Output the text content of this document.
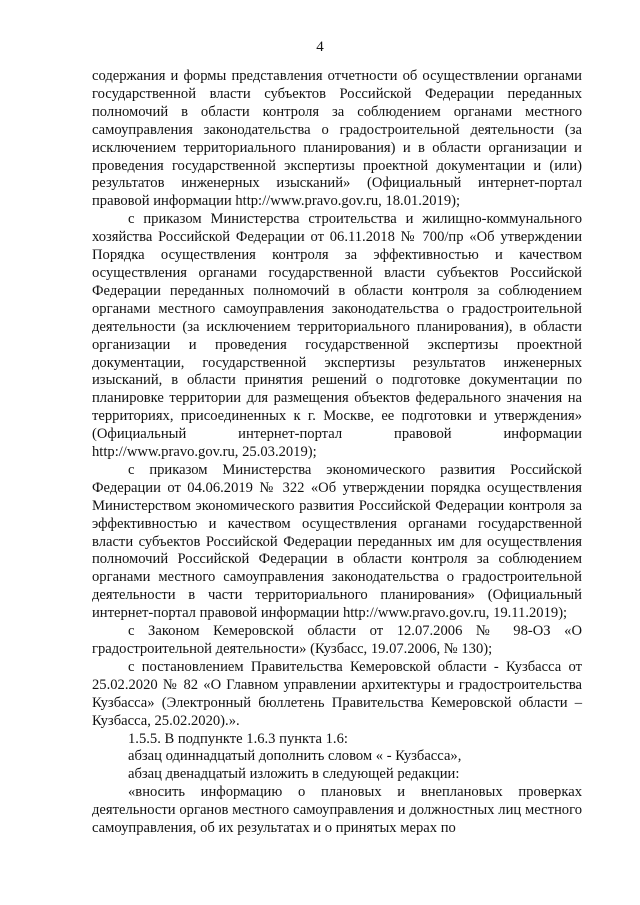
4

содержания и формы представления отчетности об осуществлении органами государственной власти субъектов Российской Федерации переданных полномочий в области контроля за соблюдением органами местного самоуправления законодательства о градостроительной деятельности (за исключением территориального планирования) и в области организации и проведения государственной экспертизы проектной документации и (или) результатов инженерных изысканий» (Официальный интернет-портал правовой информации http://www.pravo.gov.ru, 18.01.2019);

с приказом Министерства строительства и жилищно-коммунального хозяйства Российской Федерации от 06.11.2018 № 700/пр «Об утверждении Порядка осуществления контроля за эффективностью и качеством осуществления органами государственной власти субъектов Российской Федерации переданных полномочий в области контроля за соблюдением органами местного самоуправления законодательства о градостроительной деятельности (за исключением территориального планирования), в области организации и проведения государственной экспертизы проектной документации, государственной экспертизы результатов инженерных изысканий, в области принятия решений о подготовке документации по планировке территории для размещения объектов федерального значения на территориях, присоединенных к г. Москве, ее подготовки и утверждения» (Официальный интернет-портал правовой информации http://www.pravo.gov.ru, 25.03.2019);

с приказом Министерства экономического развития Российской Федерации от 04.06.2019 № 322 «Об утверждении порядка осуществления Министерством экономического развития Российской Федерации контроля за эффективностью и качеством осуществления органами государственной власти субъектов Российской Федерации переданных им для осуществления полномочий Российской Федерации в области контроля за соблюдением органами местного самоуправления законодательства о градостроительной деятельности в части территориального планирования» (Официальный интернет-портал правовой информации http://www.pravo.gov.ru, 19.11.2019);

с Законом Кемеровской области от 12.07.2006 № 98-ОЗ «О градостроительной деятельности» (Кузбасс, 19.07.2006, № 130);

с постановлением Правительства Кемеровской области - Кузбасса от 25.02.2020 № 82 «О Главном управлении архитектуры и градостроительства Кузбасса» (Электронный бюллетень Правительства Кемеровской области – Кузбасса, 25.02.2020).».

1.5.5. В подпункте 1.6.3 пункта 1.6:

абзац одиннадцатый дополнить словом « - Кузбасса»,

абзац двенадцатый изложить в следующей редакции:

«вносить информацию о плановых и внеплановых проверках деятельности органов местного самоуправления и должностных лиц местного самоуправления, об их результатах и о принятых мерах по
